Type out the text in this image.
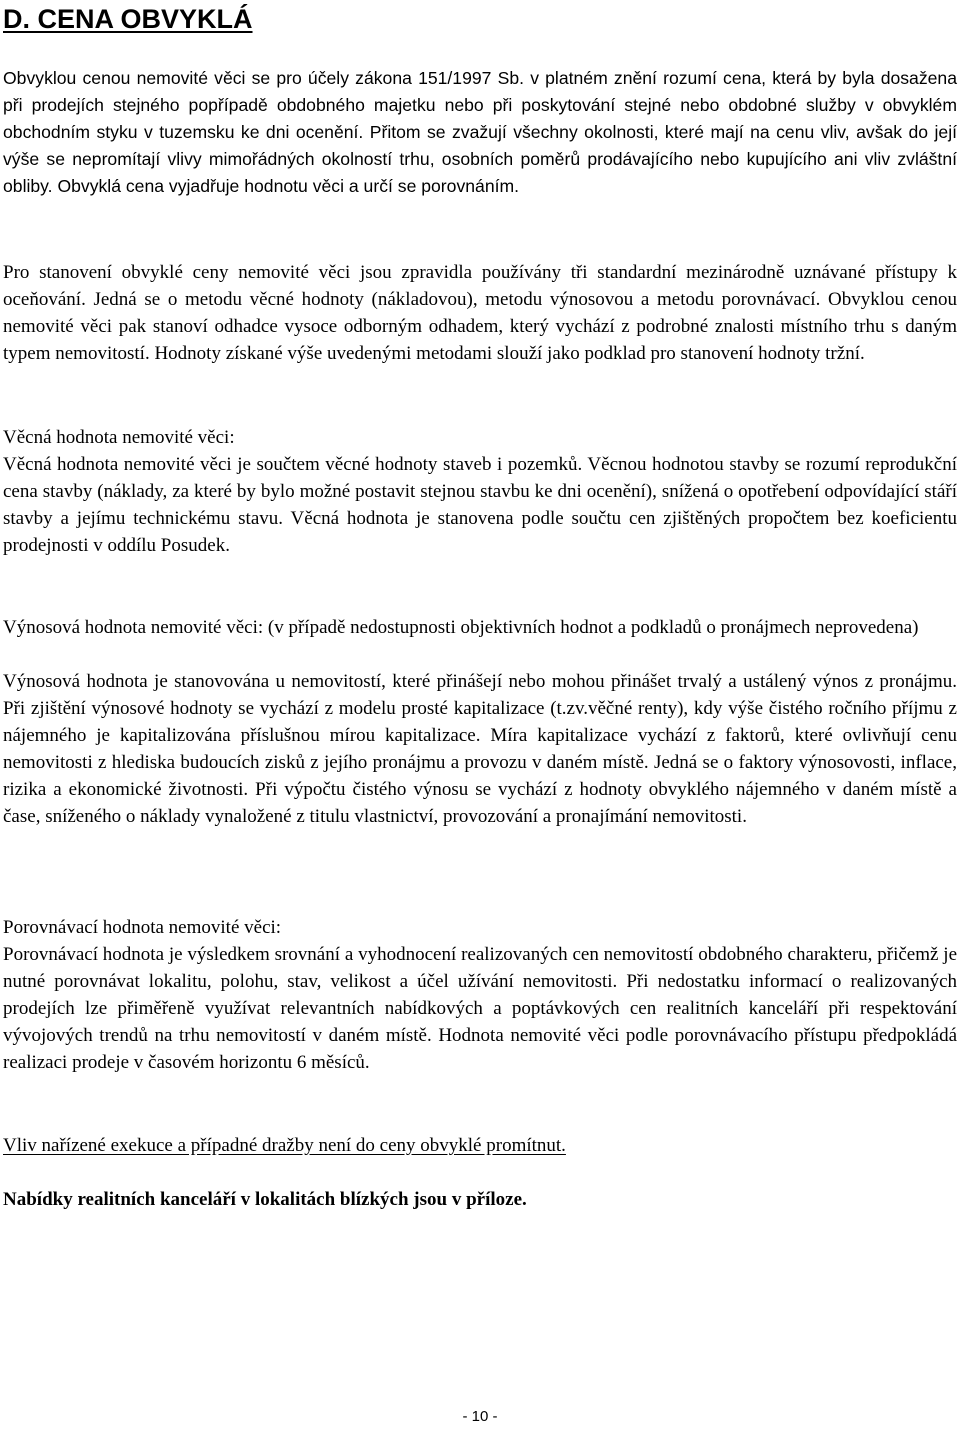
D. CENA OBVYKLÁ

Obvyklou cenou nemovité věci se pro účely zákona 151/1997 Sb. v platném znění rozumí cena, která by byla dosažena při prodejích stejného popřípadě obdobného majetku nebo při poskytování stejné nebo obdobné služby v obvyklém obchodním styku v tuzemsku ke dni ocenění. Přitom se zvažují všechny okolnosti, které mají na cenu vliv, avšak do její výše se nepromítají vlivy mimořádných okolností trhu, osobních poměrů prodávajícího nebo kupujícího ani vliv zvláštní obliby. Obvyklá cena vyjadřuje hodnotu věci a určí se porovnáním.

Pro stanovení obvyklé ceny nemovité věci jsou zpravidla používány tři standardní mezinárodně uznávané přístupy k oceňování. Jedná se o metodu věcné hodnoty (nákladovou), metodu výnosovou a metodu porovnávací. Obvyklou cenou nemovité věci pak stanoví odhadce vysoce odborným odhadem, který vychází z podrobné znalosti místního trhu s daným typem nemovitostí. Hodnoty získané výše uvedenými metodami slouží jako podklad pro stanovení hodnoty tržní.

Věcná hodnota nemovité věci:

Věcná hodnota nemovité věci je součtem věcné hodnoty staveb i pozemků. Věcnou hodnotou stavby se rozumí reprodukční cena stavby (náklady, za které by bylo možné postavit stejnou stavbu ke dni ocenění), snížená o opotřebení odpovídající stáří stavby a jejímu technickému stavu. Věcná hodnota je stanovena podle součtu cen zjištěných propočtem bez koeficientu prodejnosti v oddílu Posudek.

Výnosová hodnota nemovité věci: (v případě nedostupnosti objektivních hodnot a podkladů o pronájmech neprovedena)

Výnosová hodnota je stanovována u nemovitostí, které přinášejí nebo mohou přinášet trvalý a ustálený výnos z pronájmu. Při zjištění výnosové hodnoty se vychází z modelu prosté kapitalizace (t.zv.věčné renty), kdy výše čistého ročního příjmu z nájemného je kapitalizována příslušnou mírou kapitalizace. Míra kapitalizace vychází z faktorů, které ovlivňují cenu nemovitosti z hlediska budoucích zisků z jejího pronájmu a provozu v daném místě. Jedná se o faktory výnosovosti, inflace, rizika a ekonomické životnosti. Při výpočtu čistého výnosu se vychází z hodnoty obvyklého nájemného v daném místě a čase, sníženého o náklady vynaložené z titulu vlastnictví, provozování a pronajímání nemovitosti.

Porovnávací hodnota nemovité věci:

Porovnávací hodnota je výsledkem srovnání a vyhodnocení realizovaných cen nemovitostí obdobného charakteru, přičemž je nutné porovnávat lokalitu, polohu, stav, velikost a účel užívání nemovitosti. Při nedostatku informací o realizovaných prodejích lze přiměřeně využívat relevantních nabídkových a poptávkových cen realitních kanceláří při respektování vývojových trendů na trhu nemovitostí v daném místě. Hodnota nemovité věci podle porovnávacího přístupu předpokládá realizaci prodeje v časovém horizontu 6 měsíců.

Vliv nařízené exekuce a případné dražby není do ceny obvyklé promítnut.

Nabídky realitních kanceláří v lokalitách blízkých jsou v příloze.

- 10 -
